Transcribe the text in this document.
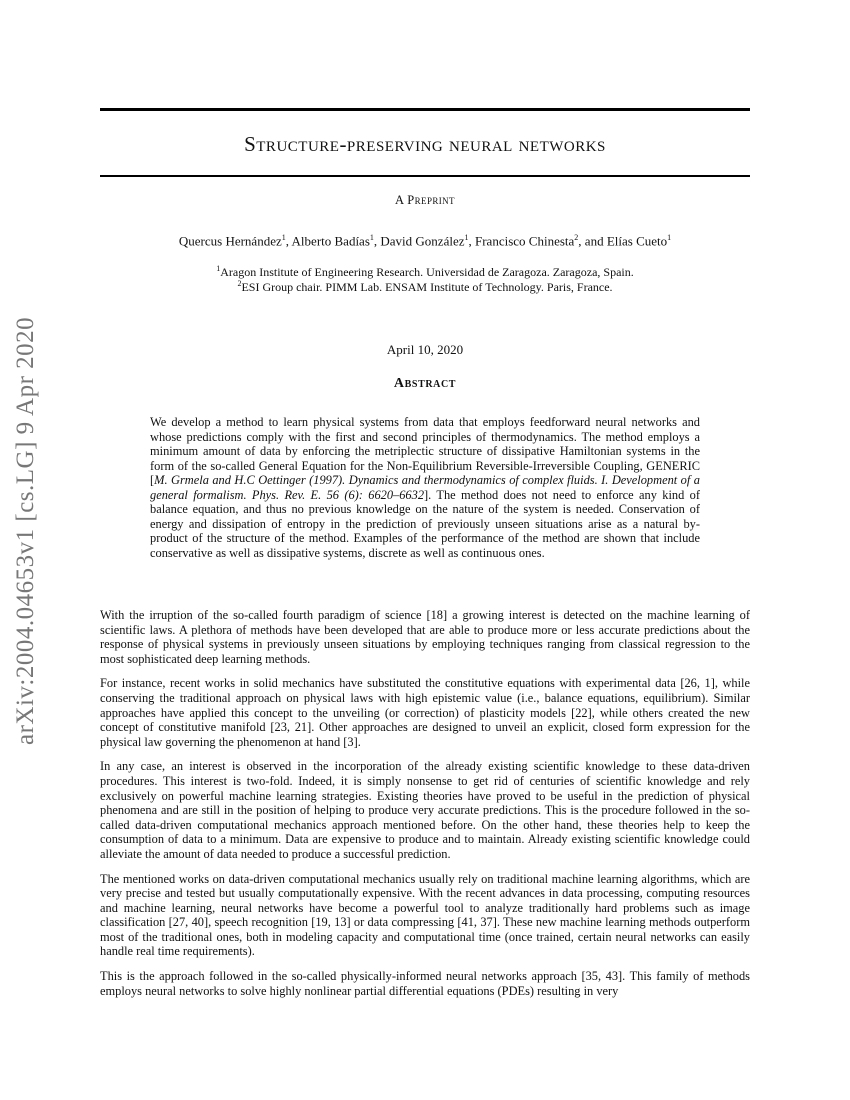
arXiv:2004.04653v1 [cs.LG] 9 Apr 2020
Structure-preserving neural networks
A Preprint
Quercus Hernández$^1$, Alberto Badías$^1$, David González$^1$, Francisco Chinesta$^2$, and Elías Cueto$^1$
$^1$Aragon Institute of Engineering Research. Universidad de Zaragoza. Zaragoza, Spain.
$^2$ESI Group chair. PIMM Lab. ENSAM Institute of Technology. Paris, France.
April 10, 2020
Abstract
We develop a method to learn physical systems from data that employs feedforward neural networks and whose predictions comply with the first and second principles of thermodynamics. The method employs a minimum amount of data by enforcing the metriplectic structure of dissipative Hamiltonian systems in the form of the so-called General Equation for the Non-Equilibrium Reversible-Irreversible Coupling, GENERIC [M. Grmela and H.C Oettinger (1997). Dynamics and thermodynamics of complex fluids. I. Development of a general formalism. Phys. Rev. E. 56 (6): 6620–6632]. The method does not need to enforce any kind of balance equation, and thus no previous knowledge on the nature of the system is needed. Conservation of energy and dissipation of entropy in the prediction of previously unseen situations arise as a natural by-product of the structure of the method. Examples of the performance of the method are shown that include conservative as well as dissipative systems, discrete as well as continuous ones.

With the irruption of the so-called fourth paradigm of science [18] a growing interest is detected on the machine learning of scientific laws. A plethora of methods have been developed that are able to produce more or less accurate predictions about the response of physical systems in previously unseen situations by employing techniques ranging from classical regression to the most sophisticated deep learning methods.

For instance, recent works in solid mechanics have substituted the constitutive equations with experimental data [26, 1], while conserving the traditional approach on physical laws with high epistemic value (i.e., balance equations, equilibrium). Similar approaches have applied this concept to the unveiling (or correction) of plasticity models [22], while others created the new concept of constitutive manifold [23, 21]. Other approaches are designed to unveil an explicit, closed form expression for the physical law governing the phenomenon at hand [3].

In any case, an interest is observed in the incorporation of the already existing scientific knowledge to these data-driven procedures. This interest is two-fold. Indeed, it is simply nonsense to get rid of centuries of scientific knowledge and rely exclusively on powerful machine learning strategies. Existing theories have proved to be useful in the prediction of physical phenomena and are still in the position of helping to produce very accurate predictions. This is the procedure followed in the so-called data-driven computational mechanics approach mentioned before. On the other hand, these theories help to keep the consumption of data to a minimum. Data are expensive to produce and to maintain. Already existing scientific knowledge could alleviate the amount of data needed to produce a successful prediction.

The mentioned works on data-driven computational mechanics usually rely on traditional machine learning algorithms, which are very precise and tested but usually computationally expensive. With the recent advances in data processing, computing resources and machine learning, neural networks have become a powerful tool to analyze traditionally hard problems such as image classification [27, 40], speech recognition [19, 13] or data compressing [41, 37]. These new machine learning methods outperform most of the traditional ones, both in modeling capacity and computational time (once trained, certain neural networks can easily handle real time requirements).

This is the approach followed in the so-called physically-informed neural networks approach [35, 43]. This family of methods employs neural networks to solve highly nonlinear partial differential equations (PDEs) resulting in very
